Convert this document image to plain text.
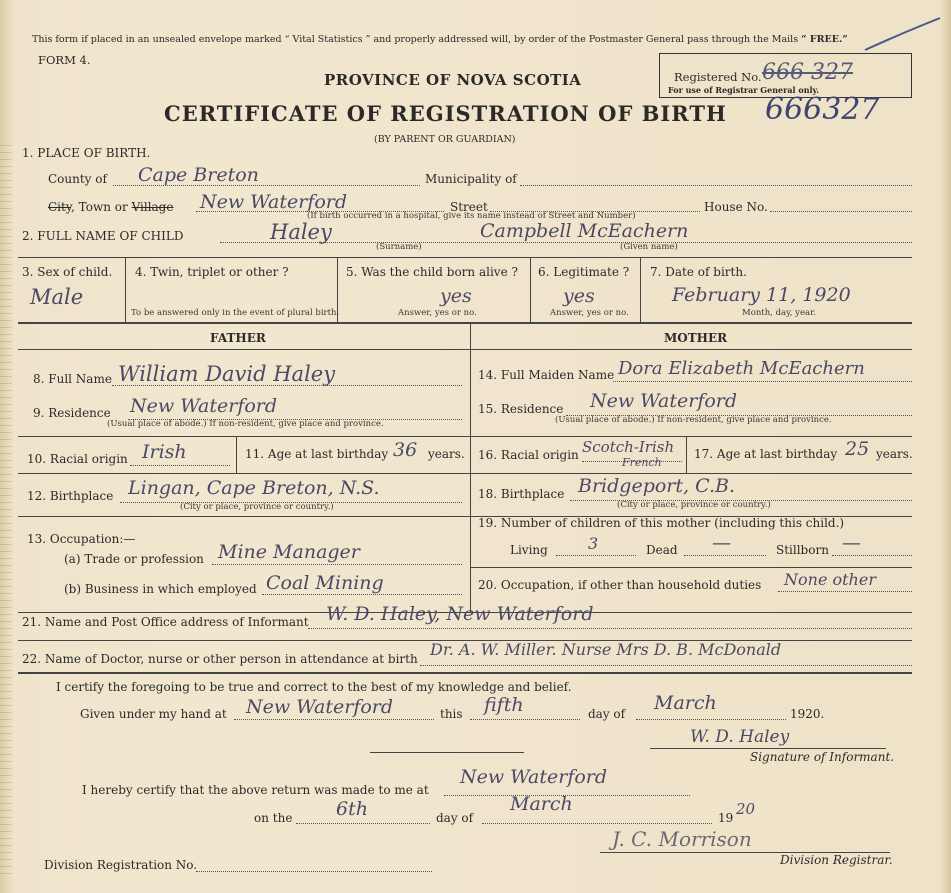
This form if placed in an unsealed envelope marked “ Vital Statistics ” and properly addressed will, by order of the Postmaster General pass through the Mails “ FREE.”
FORM 4.
PROVINCE OF NOVA SCOTIA
CERTIFICATE OF REGISTRATION OF BIRTH
(BY PARENT OR GUARDIAN)
Registered No. 666 327
For use of Registrar General only.
666327
1. PLACE OF BIRTH.
County of Cape Breton	Municipality of
City, Town or Village New Waterford	Street
(If birth occurred in a hospital, give its name instead of Street and Number)
House No.
2. FULL NAME OF CHILD	Haley
(Surname)
Campbell McEachern
(Given name)
3. Sex of child.
Male
4. Twin, triplet or other ?
To be answered only in the event of plural birth.
5. Was the child born alive ?
yes
Answer, yes or no.
6. Legitimate ?
yes
Answer, yes or no.
7. Date of birth.
February 11, 1920
Month, day, year.
FATHER	MOTHER
8. Full Name William David Haley
9. Residence New Waterford
(Usual place of abode.) If non-resident, give place and province.
10. Racial origin Irish	11. Age at last birthday 36 years.
12. Birthplace Lingan, Cape Breton, N.S.
(City or place, province or country.)
13. Occupation:—
(a) Trade or profession Mine Manager
(b) Business in which employed Coal Mining
14. Full Maiden Name Dora Elizabeth McEachern
15. Residence New Waterford
(Usual place of abode.) If non-resident, give place and province.
16. Racial origin Scotch-Irish
French
17. Age at last birthday 25 years.
18. Birthplace Bridgeport, C.B.
(City or place, province or country.)
19. Number of children of this mother (including this child.)
Living	3	Dead —	Stillborn —
20. Occupation, if other than household duties None other
21. Name and Post Office address of Informant W. D. Haley, New Waterford
22. Name of Doctor, nurse or other person in attendance at birth Dr. A. W. Miller. Nurse Mrs D. B. McDonald
I certify the foregoing to be true and correct to the best of my knowledge and belief.
Given under my hand at New Waterford	this fifth	day of March	1920.
W. D. Haley
Signature of Informant.
I hereby certify that the above return was made to me at
New Waterford
on the 6th	day of
March
19 20
J. C. Morrison
Division Registrar.
Division Registration No.
